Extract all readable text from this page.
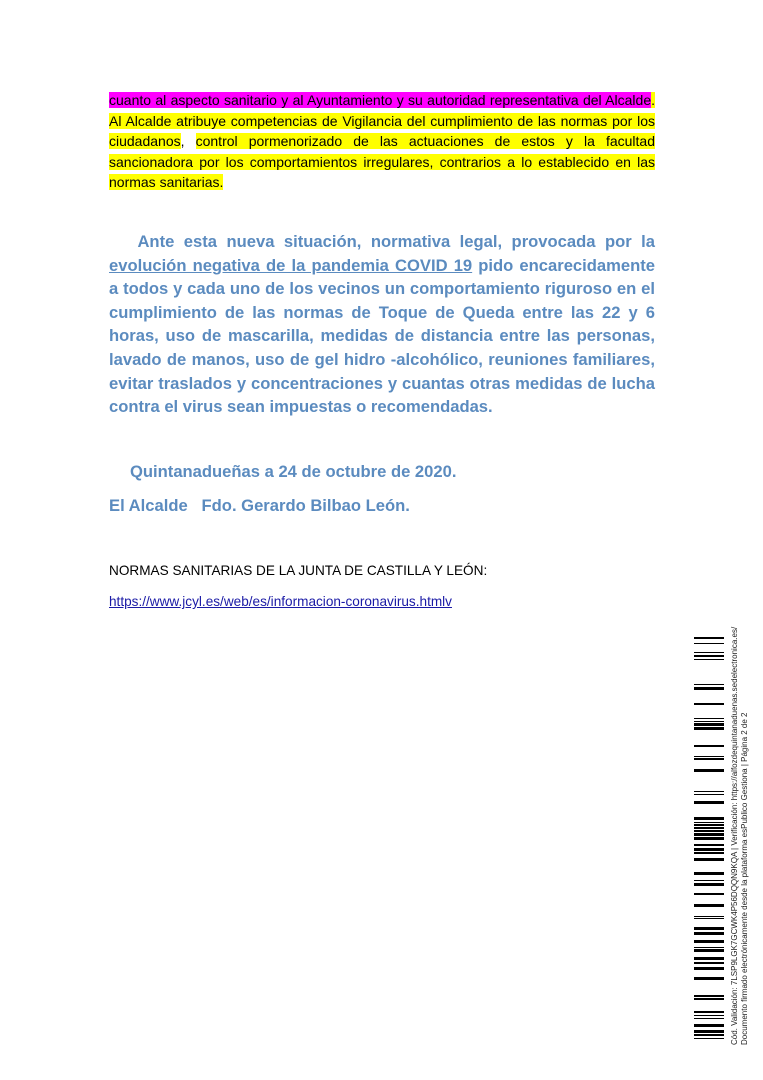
cuanto al aspecto sanitario y al Ayuntamiento y su autoridad representativa del Alcalde. Al Alcalde atribuye competencias de Vigilancia del cumplimiento de las normas por los ciudadanos, control pormenorizado de las actuaciones de estos y la facultad sancionadora por los comportamientos irregulares, contrarios a lo establecido en las normas sanitarias.

Ante esta nueva situación, normativa legal, provocada por la evolución negativa de la pandemia COVID 19 pido encarecidamente a todos y cada uno de los vecinos un comportamiento riguroso en el cumplimiento de las normas de Toque de Queda entre las 22 y 6 horas, uso de mascarilla, medidas de distancia entre las personas, lavado de manos, uso de gel hidro -alcohólico, reuniones familiares, evitar traslados y concentraciones y cuantas otras medidas de lucha contra el virus sean impuestas o recomendadas.

Quintanadueñas a 24 de octubre de 2020.

El Alcalde   Fdo. Gerardo Bilbao León.

NORMAS SANITARIAS DE LA JUNTA DE CASTILLA Y LEÓN:

https://www.jcyl.es/web/es/informacion-coronavirus.htmlv
Cód. Validación: 7LSP9LGK7GCWK4P56DQQN9KQA | Verificación: https://alfozdequintanaduenas.sedelectronica.es/ Documento firmado electrónicamente desde la plataforma esPublico Gestiona | Página 2 de 2
